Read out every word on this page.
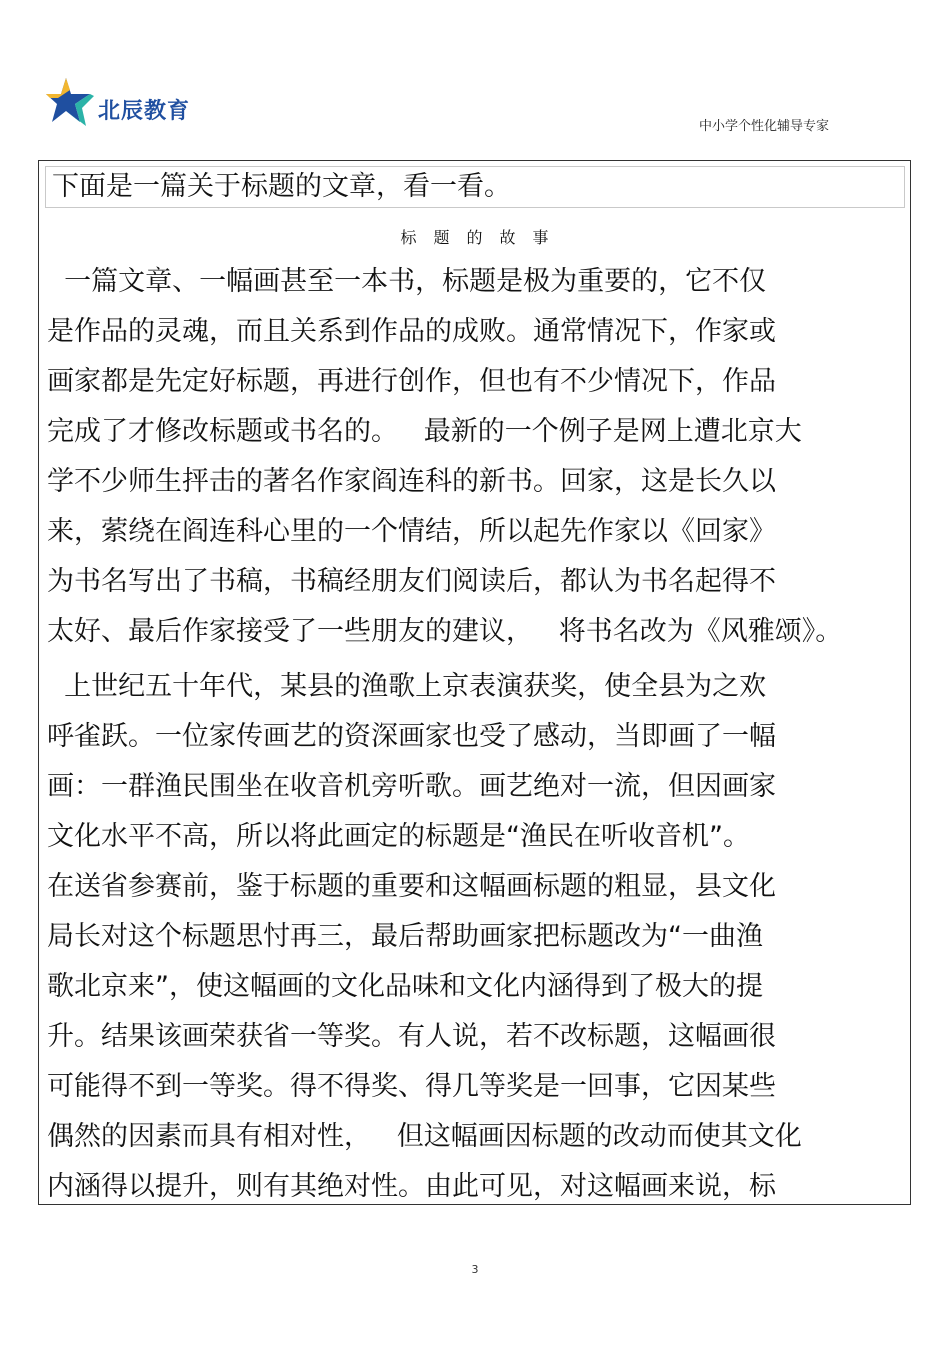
北辰教育
中小学个性化辅导专家
下面是一篇关于标题的文章，看一看。
标题的故事
一篇文章、一幅画甚至一本书，标题是极为重要的，它不仅
是作品的灵魂，而且关系到作品的成败。通常情况下，作家或
画家都是先定好标题，再进行创作，但也有不少情况下，作品
完成了才修改标题或书名的。   最新的一个例子是网上遭北京大
学不少师生抨击的著名作家阎连科的新书。回家，这是长久以
来，萦绕在阎连科心里的一个情结，所以起先作家以《回家》
为书名写出了书稿，书稿经朋友们阅读后，都认为书名起得不
太好、最后作家接受了一些朋友的建议，   将书名改为《风雅颂》。
上世纪五十年代，某县的渔歌上京表演获奖，使全县为之欢
呼雀跃。一位家传画艺的资深画家也受了感动，当即画了一幅
画：一群渔民围坐在收音机旁听歌。画艺绝对一流，但因画家
文化水平不高，所以将此画定的标题是“渔民在听收音机”。
在送省参赛前，鉴于标题的重要和这幅画标题的粗显，县文化
局长对这个标题思忖再三，最后帮助画家把标题改为“一曲渔
歌北京来”，使这幅画的文化品味和文化内涵得到了极大的提
升。结果该画荣获省一等奖。有人说，若不改标题，这幅画很
可能得不到一等奖。得不得奖、得几等奖是一回事，它因某些
偶然的因素而具有相对性，   但这幅画因标题的改动而使其文化
内涵得以提升，则有其绝对性。由此可见，对这幅画来说，标
3
